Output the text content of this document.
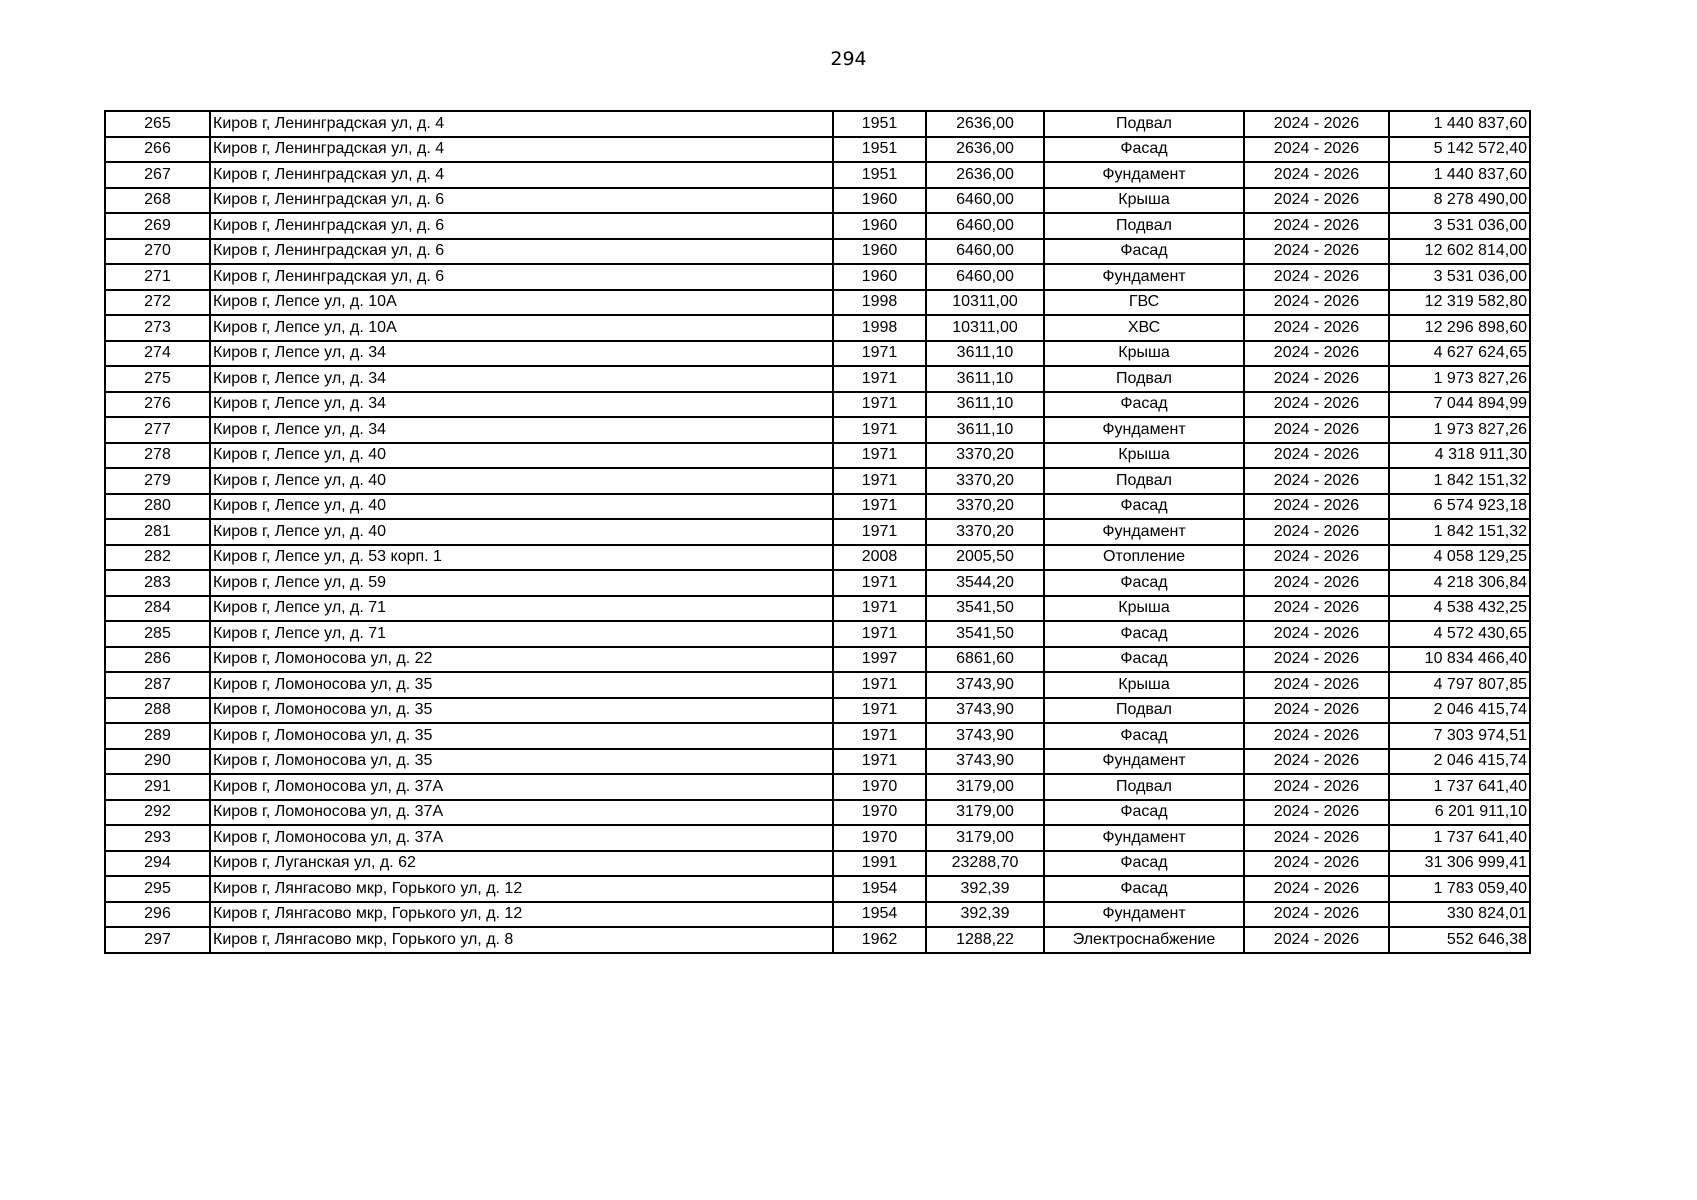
294
265	Киров г, Ленинградская ул, д. 4	1951	2636,00	Подвал	2024 - 2026	1 440 837,60
266	Киров г, Ленинградская ул, д. 4	1951	2636,00	Фасад	2024 - 2026	5 142 572,40
267	Киров г, Ленинградская ул, д. 4	1951	2636,00	Фундамент	2024 - 2026	1 440 837,60
268	Киров г, Ленинградская ул, д. 6	1960	6460,00	Крыша	2024 - 2026	8 278 490,00
269	Киров г, Ленинградская ул, д. 6	1960	6460,00	Подвал	2024 - 2026	3 531 036,00
270	Киров г, Ленинградская ул, д. 6	1960	6460,00	Фасад	2024 - 2026	12 602 814,00
271	Киров г, Ленинградская ул, д. 6	1960	6460,00	Фундамент	2024 - 2026	3 531 036,00
272	Киров г, Лепсе ул, д. 10А	1998	10311,00	ГВС	2024 - 2026	12 319 582,80
273	Киров г, Лепсе ул, д. 10А	1998	10311,00	ХВС	2024 - 2026	12 296 898,60
274	Киров г, Лепсе ул, д. 34	1971	3611,10	Крыша	2024 - 2026	4 627 624,65
275	Киров г, Лепсе ул, д. 34	1971	3611,10	Подвал	2024 - 2026	1 973 827,26
276	Киров г, Лепсе ул, д. 34	1971	3611,10	Фасад	2024 - 2026	7 044 894,99
277	Киров г, Лепсе ул, д. 34	1971	3611,10	Фундамент	2024 - 2026	1 973 827,26
278	Киров г, Лепсе ул, д. 40	1971	3370,20	Крыша	2024 - 2026	4 318 911,30
279	Киров г, Лепсе ул, д. 40	1971	3370,20	Подвал	2024 - 2026	1 842 151,32
280	Киров г, Лепсе ул, д. 40	1971	3370,20	Фасад	2024 - 2026	6 574 923,18
281	Киров г, Лепсе ул, д. 40	1971	3370,20	Фундамент	2024 - 2026	1 842 151,32
282	Киров г, Лепсе ул, д. 53 корп. 1	2008	2005,50	Отопление	2024 - 2026	4 058 129,25
283	Киров г, Лепсе ул, д. 59	1971	3544,20	Фасад	2024 - 2026	4 218 306,84
284	Киров г, Лепсе ул, д. 71	1971	3541,50	Крыша	2024 - 2026	4 538 432,25
285	Киров г, Лепсе ул, д. 71	1971	3541,50	Фасад	2024 - 2026	4 572 430,65
286	Киров г, Ломоносова ул, д. 22	1997	6861,60	Фасад	2024 - 2026	10 834 466,40
287	Киров г, Ломоносова ул, д. 35	1971	3743,90	Крыша	2024 - 2026	4 797 807,85
288	Киров г, Ломоносова ул, д. 35	1971	3743,90	Подвал	2024 - 2026	2 046 415,74
289	Киров г, Ломоносова ул, д. 35	1971	3743,90	Фасад	2024 - 2026	7 303 974,51
290	Киров г, Ломоносова ул, д. 35	1971	3743,90	Фундамент	2024 - 2026	2 046 415,74
291	Киров г, Ломоносова ул, д. 37А	1970	3179,00	Подвал	2024 - 2026	1 737 641,40
292	Киров г, Ломоносова ул, д. 37А	1970	3179,00	Фасад	2024 - 2026	6 201 911,10
293	Киров г, Ломоносова ул, д. 37А	1970	3179,00	Фундамент	2024 - 2026	1 737 641,40
294	Киров г, Луганская ул, д. 62	1991	23288,70	Фасад	2024 - 2026	31 306 999,41
295	Киров г, Лянгасово мкр, Горького ул, д. 12	1954	392,39	Фасад	2024 - 2026	1 783 059,40
296	Киров г, Лянгасово мкр, Горького ул, д. 12	1954	392,39	Фундамент	2024 - 2026	330 824,01
297	Киров г, Лянгасово мкр, Горького ул, д. 8	1962	1288,22	Электроснабжение	2024 - 2026	552 646,38
